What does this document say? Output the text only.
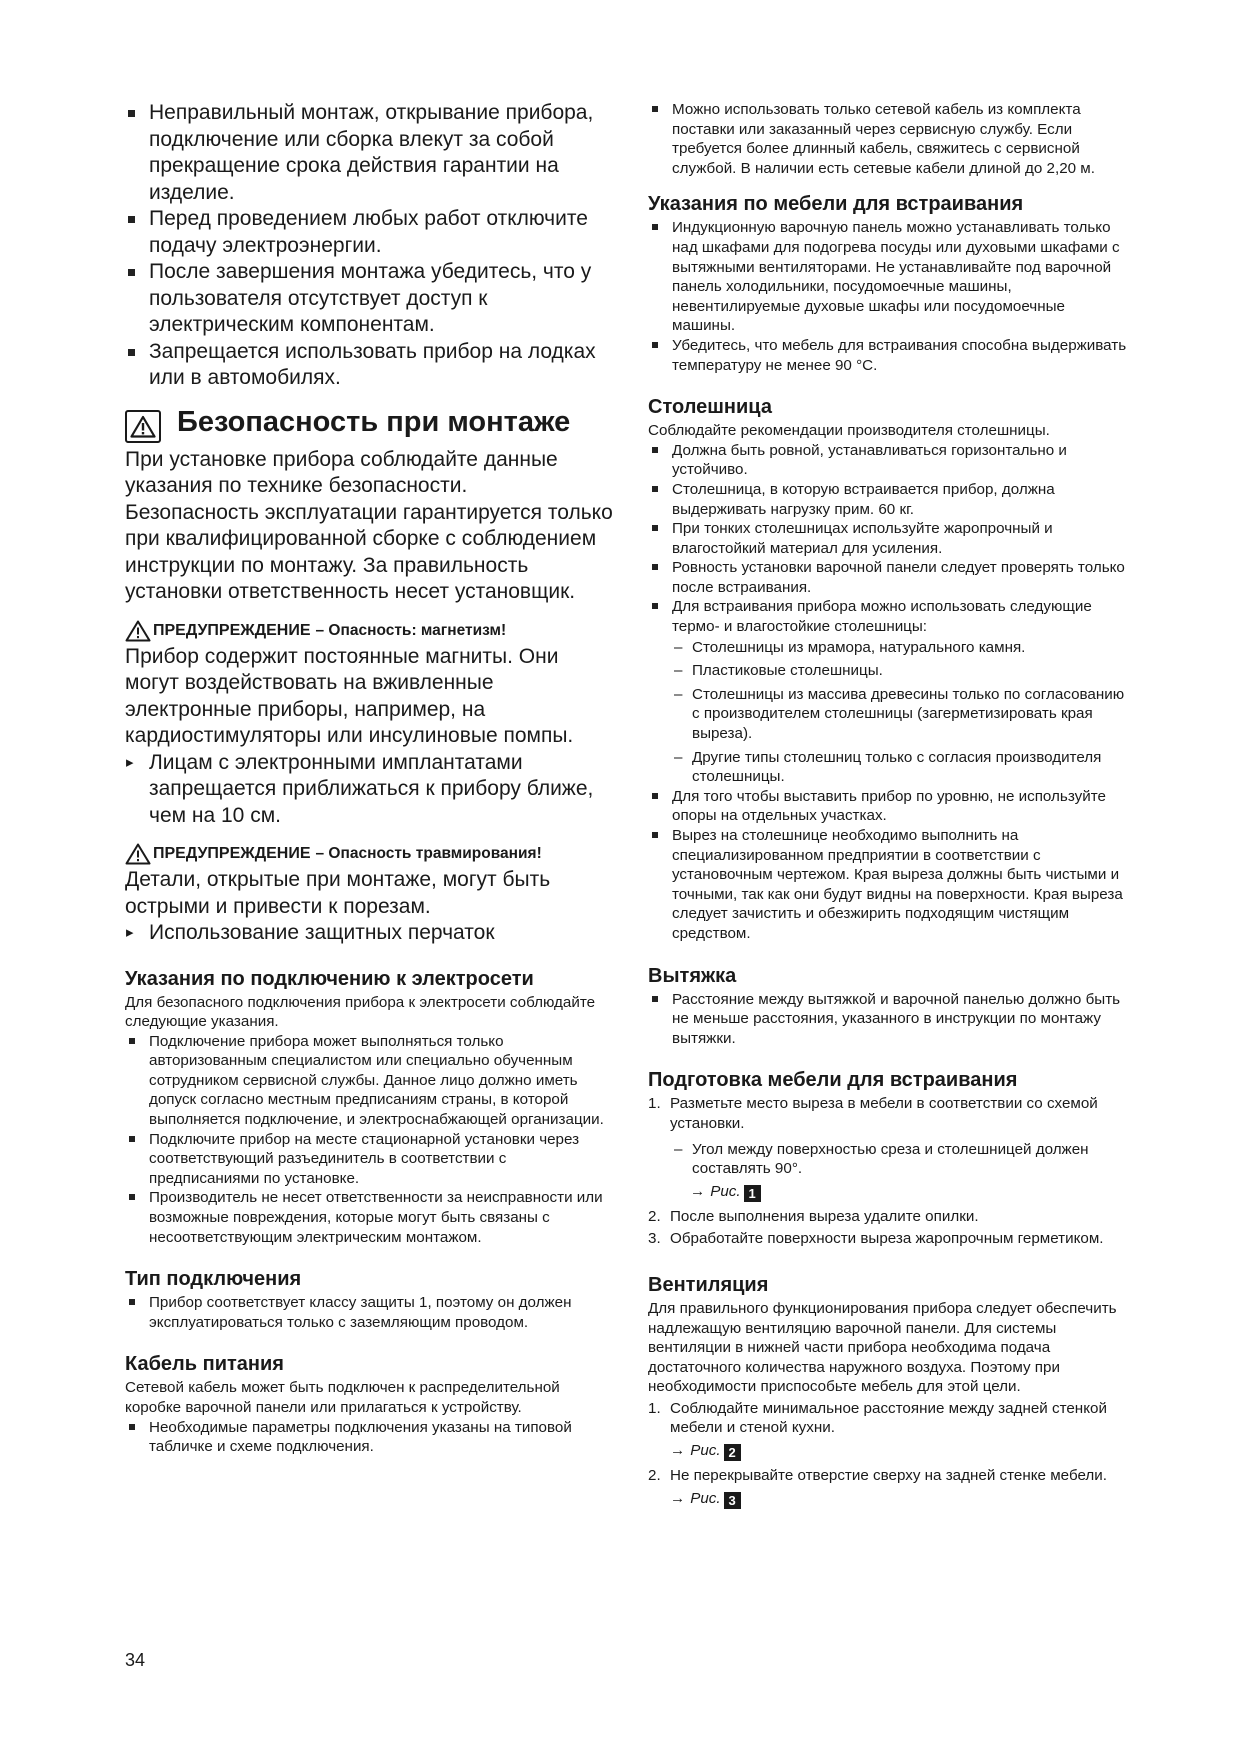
Неправильный монтаж, открывание прибора, подключение или сборка влекут за собой прекращение срока действия гарантии на изделие.
Перед проведением любых работ отключите подачу электроэнергии.
После завершения монтажа убедитесь, что у пользователя отсутствует доступ к электрическим компонентам.
Запрещается использовать прибор на лодках или в автомобилях.
Безопасность при монтаже
При установке прибора соблюдайте данные указания по технике безопасности.
Безопасность эксплуатации гарантируется только при квалифицированной сборке с соблюдением инструкции по монтажу. За правильность установки ответственность несет установщик.
ПРЕДУПРЕЖДЕНИЕ – Опасность: магнетизм!
Прибор содержит постоянные магниты. Они могут воздействовать на вживленные электронные приборы, например, на кардиостимуляторы или инсулиновые помпы.
▸ Лицам с электронными имплантатами запрещается приближаться к прибору ближе, чем на 10 см.
ПРЕДУПРЕЖДЕНИЕ – Опасность травмирования!
Детали, открытые при монтаже, могут быть острыми и привести к порезам.
▸ Использование защитных перчаток
Указания по подключению к электросети
Для безопасного подключения прибора к электросети соблюдайте следующие указания.
Подключение прибора может выполняться только авторизованным специалистом или специально обученным сотрудником сервисной службы. Данное лицо должно иметь допуск согласно местным предписаниям страны, в которой выполняется подключение, и электроснабжающей организации.
Подключите прибор на месте стационарной установки через соответствующий разъединитель в соответствии с предписаниями по установке.
Производитель не несет ответственности за неисправности или возможные повреждения, которые могут быть связаны с несоответствующим электрическим монтажом.
Тип подключения
Прибор соответствует классу защиты 1, поэтому он должен эксплуатироваться только с заземляющим проводом.
Кабель питания
Сетевой кабель может быть подключен к распределительной коробке варочной панели или прилагаться к устройству.
Необходимые параметры подключения указаны на типовой табличке и схеме подключения.
Можно использовать только сетевой кабель из комплекта поставки или заказанный через сервисную службу. Если требуется более длинный кабель, свяжитесь с сервисной службой. В наличии есть сетевые кабели длиной до 2,20 м.
Указания по мебели для встраивания
Индукционную варочную панель можно устанавливать только над шкафами для подогрева посуды или духовыми шкафами с вытяжными вентиляторами. Не устанавливайте под варочной панель холодильники, посудомоечные машины, невентилируемые духовые шкафы или посудомоечные машины.
Убедитесь, что мебель для встраивания способна выдерживать температуру не менее 90 °C.
Столешница
Соблюдайте рекомендации производителя столешницы.
Должна быть ровной, устанавливаться горизонтально и устойчиво.
Столешница, в которую встраивается прибор, должна выдерживать нагрузку прим. 60 кг.
При тонких столешницах используйте жаропрочный и влагостойкий материал для усиления.
Ровность установки варочной панели следует проверять только после встраивания.
Для встраивания прибора можно использовать следующие термо- и влагостойкие столешницы:
– Столешницы из мрамора, натурального камня.
– Пластиковые столешницы.
– Столешницы из массива древесины только по согласованию с производителем столешницы (загерметизировать края выреза).
– Другие типы столешниц только с согласия производителя столешницы.
Для того чтобы выставить прибор по уровню, не используйте опоры на отдельных участках.
Вырез на столешнице необходимо выполнить на специализированном предприятии в соответствии с установочным чертежом. Края выреза должны быть чистыми и точными, так как они будут видны на поверхности. Края выреза следует зачистить и обезжирить подходящим чистящим средством.
Вытяжка
Расстояние между вытяжкой и варочной панелью должно быть не меньше расстояния, указанного в инструкции по монтажу вытяжки.
Подготовка мебели для встраивания
1. Разметьте место выреза в мебели в соответствии со схемой установки.
– Угол между поверхностью среза и столешницей должен составлять 90°.
→ Рис. 1
2. После выполнения выреза удалите опилки.
3. Обработайте поверхности выреза жаропрочным герметиком.
Вентиляция
Для правильного функционирования прибора следует обеспечить надлежащую вентиляцию варочной панели. Для системы вентиляции в нижней части прибора необходима подача достаточного количества наружного воздуха. Поэтому при необходимости приспособьте мебель для этой цели.
1. Соблюдайте минимальное расстояние между задней стенкой мебели и стеной кухни.
→ Рис. 2
2. Не перекрывайте отверстие сверху на задней стенке мебели.
→ Рис. 3
34
